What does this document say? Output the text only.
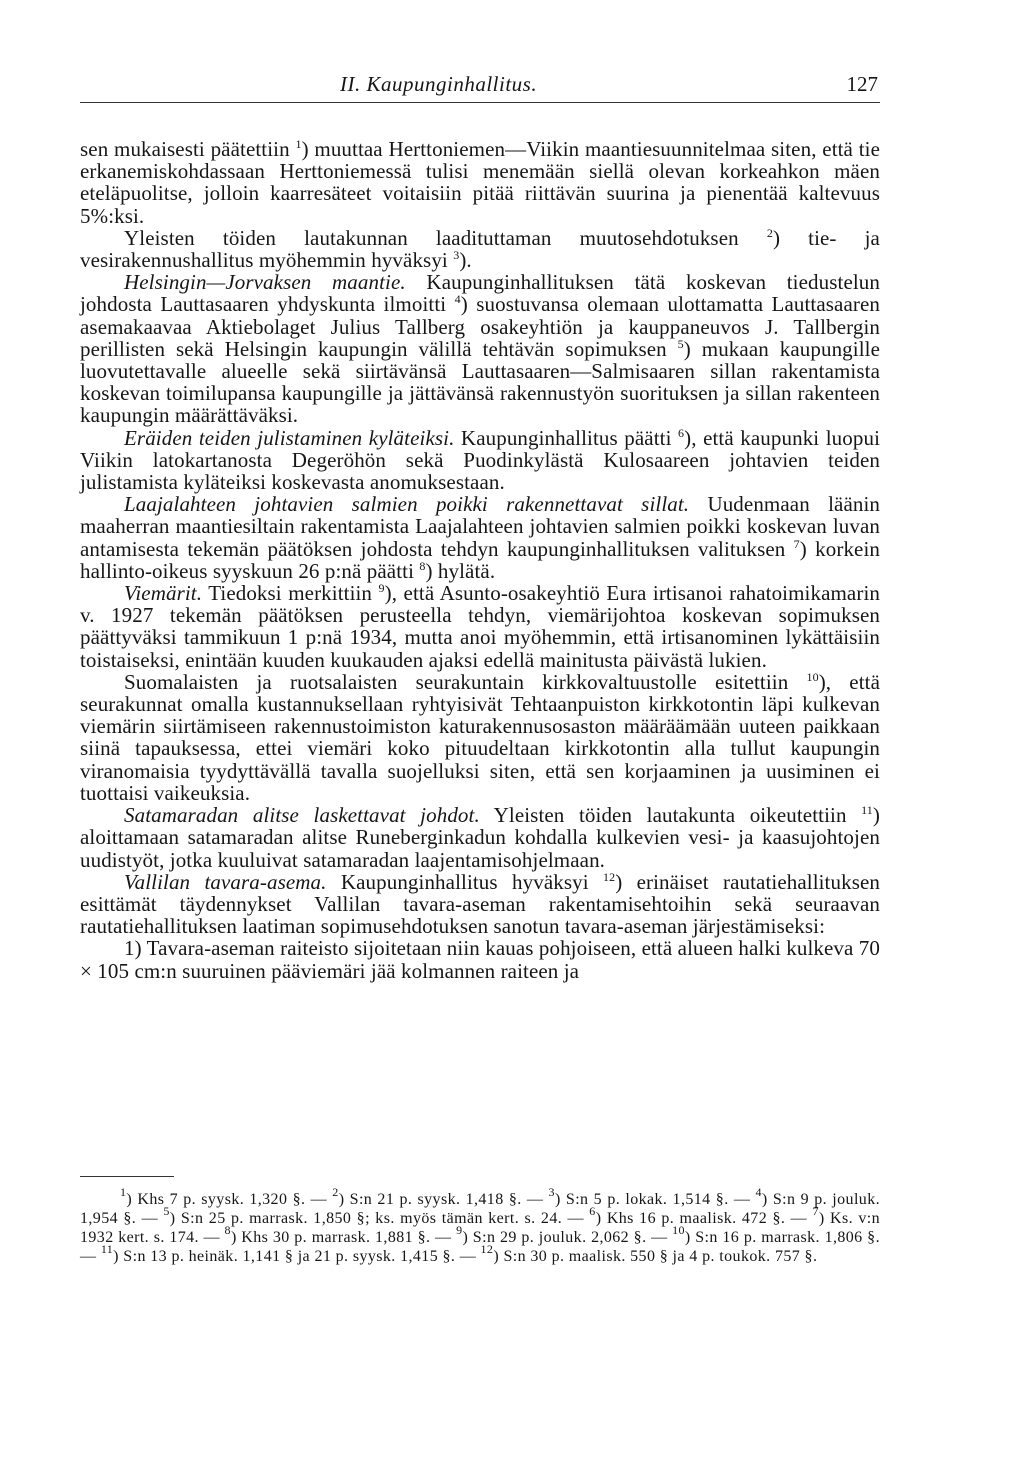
II. Kaupunginhallitus.	127

sen mukaisesti päätettiin $^1$) muuttaa Herttoniemen—Viikin maantiesuunnitelmaa siten, että tie erkanemiskohdassaan Herttoniemessä tulisi menemään siellä olevan korkeahkon mäen eteläpuolitse, jolloin kaarresäteet voitaisiin pitää riittävän suurina ja pienentää kaltevuus 5%:ksi.

Yleisten töiden lautakunnan laadituttaman muutosehdotuksen $^2$) tie- ja vesirakennushallitus myöhemmin hyväksyi $^3$).

Helsingin—Jorvaksen maantie. Kaupunginhallituksen tätä koskevan tiedustelun johdosta Lauttasaaren yhdyskunta ilmoitti $^4$) suostuvansa olemaan ulottamatta Lauttasaaren asemakaavaa Aktiebolaget Julius Tallberg osakeyhtiön ja kauppaneuvos J. Tallbergin perillisten sekä Helsingin kaupungin välillä tehtävän sopimuksen $^5$) mukaan kaupungille luovutettavalle alueelle sekä siirtävänsä Lauttasaaren—Salmisaaren sillan rakentamista koskevan toimilupansa kaupungille ja jättävänsä rakennustyön suorituksen ja sillan rakenteen kaupungin määrättäväksi.

Eräiden teiden julistaminen kyläteiksi. Kaupunginhallitus päätti $^6$), että kaupunki luopui Viikin latokartanosta Degeröhön sekä Puodinkylästä Kulosaareen johtavien teiden julistamista kyläteiksi koskevasta anomuksestaan.

Laajalahteen johtavien salmien poikki rakennettavat sillat. Uudenmaan läänin maaherran maantiesiltain rakentamista Laajalahteen johtavien salmien poikki koskevan luvan antamisesta tekemän päätöksen johdosta tehdyn kaupunginhallituksen valituksen $^7$) korkein hallinto-oikeus syyskuun 26 p:nä päätti $^8$) hylätä.

Viemärit. Tiedoksi merkittiin $^9$), että Asunto-osakeyhtiö Eura irtisanoi rahatoimikamarin v. 1927 tekemän päätöksen perusteella tehdyn, viemärijohtoa koskevan sopimuksen päättyväksi tammikuun 1 p:nä 1934, mutta anoi myöhemmin, että irtisanominen lykättäisiin toistaiseksi, enintään kuuden kuukauden ajaksi edellä mainitusta päivästä lukien.

Suomalaisten ja ruotsalaisten seurakuntain kirkkovaltuustolle esitettiin $^{10}$), että seurakunnat omalla kustannuksellaan ryhtyisivät Tehtaanpuiston kirkkotontin läpi kulkevan viemärin siirtämiseen rakennustoimiston katurakennusosaston määräämään uuteen paikkaan siinä tapauksessa, ettei viemäri koko pituudeltaan kirkkotontin alla tullut kaupungin viranomaisia tyydyttävällä tavalla suojelluksi siten, että sen korjaaminen ja uusiminen ei tuottaisi vaikeuksia.

Satamaradan alitse laskettavat johdot. Yleisten töiden lautakunta oikeutettiin $^{11}$) aloittamaan satamaradan alitse Runeberginkadun kohdalla kulkevien vesi- ja kaasujohtojen uudistyöt, jotka kuuluivat satamaradan laajentamisohjelmaan.

Vallilan tavara-asema. Kaupunginhallitus hyväksyi $^{12}$) erinäiset rautatiehallituksen esittämät täydennykset Vallilan tavara-aseman rakentamisehtoihin sekä seuraavan rautatiehallituksen laatiman sopimusehdotuksen sanotun tavara-aseman järjestämiseksi:

1) Tavara-aseman raiteisto sijoitetaan niin kauas pohjoiseen, että alueen halki kulkeva 70 × 105 cm:n suuruinen pääviemäri jää kolmannen raiteen ja

$^1$) Khs 7 p. syysk. 1,320 §. — $^2$) S:n 21 p. syysk. 1,418 §. — $^3$) S:n 5 p. lokak. 1,514 §. — $^4$) S:n 9 p. jouluk. 1,954 §. — $^5$) S:n 25 p. marrask. 1,850 §; ks. myös tämän kert. s. 24. — $^6$) Khs 16 p. maalisk. 472 §. — $^7$) Ks. v:n 1932 kert. s. 174. — $^8$) Khs 30 p. marrask. 1,881 §. — $^9$) S:n 29 p. jouluk. 2,062 §. — $^{10}$) S:n 16 p. marrask. 1,806 §. — $^{11}$) S:n 13 p. heinäk. 1,141 § ja 21 p. syysk. 1,415 §. — $^{12}$) S:n 30 p. maalisk. 550 § ja 4 p. toukok. 757 §.
